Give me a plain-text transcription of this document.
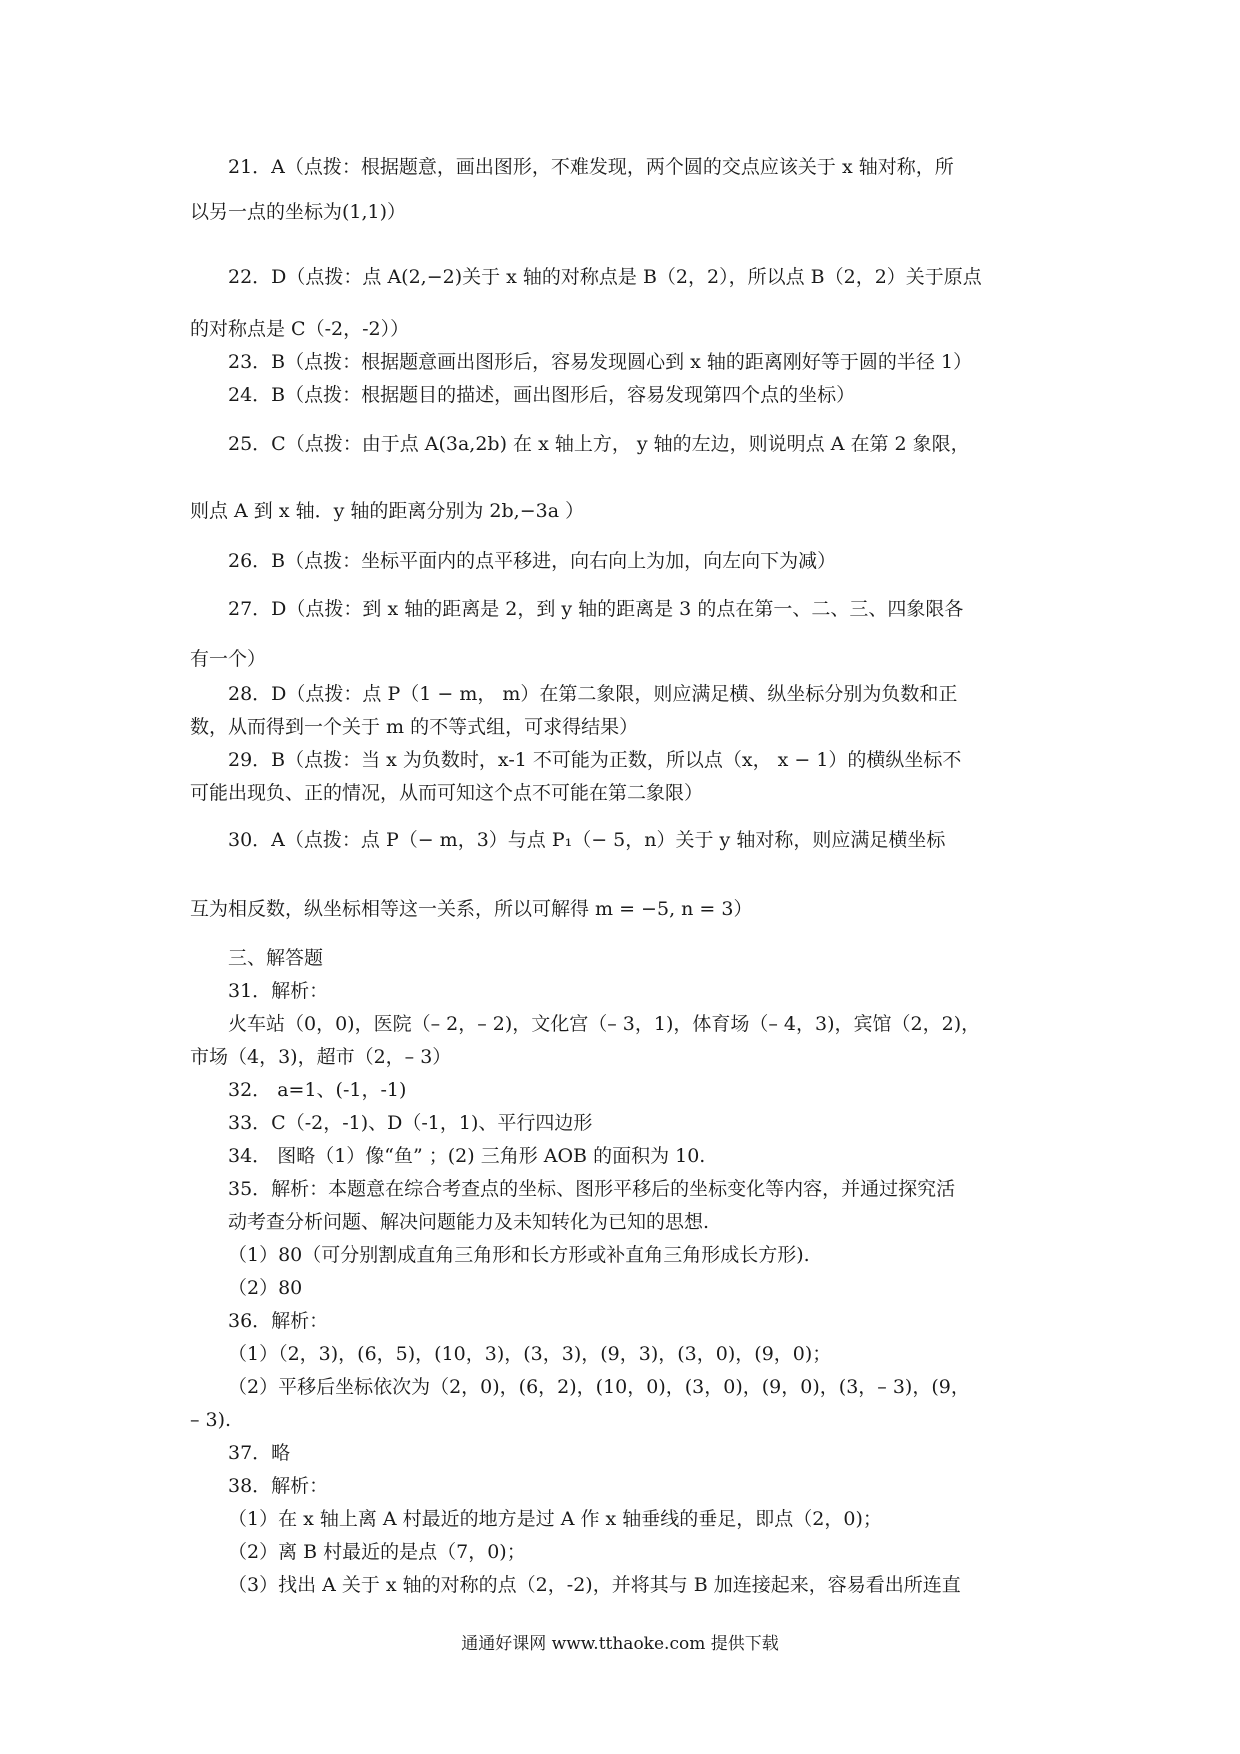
21．A（点拨：根据题意，画出图形，不难发现，两个圆的交点应该关于 x 轴对称，所
以另一点的坐标为(1,1)）
22．D（点拨：点 A(2,−2)关于 x 轴的对称点是 B（2，2），所以点 B（2，2）关于原点
的对称点是 C（-2，-2））
23．B（点拨：根据题意画出图形后，容易发现圆心到 x 轴的距离刚好等于圆的半径 1）
24．B（点拨：根据题目的描述，画出图形后，容易发现第四个点的坐标）
25．C（点拨：由于点 A(3a,2b) 在 x 轴上方， y 轴的左边，则说明点 A 在第 2 象限，
则点 A 到 x 轴．y 轴的距离分别为 2b,−3a ）
26．B（点拨：坐标平面内的点平移进，向右向上为加，向左向下为减）
27．D（点拨：到 x 轴的距离是 2，到 y 轴的距离是 3 的点在第一、二、三、四象限各
有一个）
28．D（点拨：点 P（1 − m， m）在第二象限，则应满足横、纵坐标分别为负数和正
数，从而得到一个关于 m 的不等式组，可求得结果）
29．B（点拨：当 x 为负数时，x-1 不可能为正数，所以点（x， x − 1）的横纵坐标不
可能出现负、正的情况，从而可知这个点不可能在第二象限）
30．A（点拨：点 P（− m，3）与点 P₁（− 5，n）关于 y 轴对称，则应满足横坐标
互为相反数，纵坐标相等这一关系，所以可解得 m = −5, n = 3）
三、解答题
31．解析：
火车站（0，0)，医院（– 2，– 2)，文化宫（– 3，1)，体育场（– 4，3)，宾馆（2，2)，
市场（4，3)，超市（2，– 3）
32． a=1、(-1，-1)
33．C（-2，-1)、D（-1，1)、平行四边形
34． 图略（1）像“鱼” ；(2) 三角形 AOB 的面积为 10.
35．解析：本题意在综合考查点的坐标、图形平移后的坐标变化等内容，并通过探究活
动考查分析问题、解决问题能力及未知转化为已知的思想.
（1）80（可分别割成直角三角形和长方形或补直角三角形成长方形).
（2）80
36．解析：
（1）（2，3)，(6，5)，(10，3)，(3，3)，(9，3)，(3，0)，(9，0)；
（2）平移后坐标依次为（2，0)，(6，2)，(10，0)，(3，0)，(9，0)，(3，– 3)，(9，
– 3).
37．略
38．解析：
（1）在 x 轴上离 A 村最近的地方是过 A 作 x 轴垂线的垂足，即点（2，0)；
（2）离 B 村最近的是点（7，0)；
（3）找出 A 关于 x 轴的对称的点（2，-2)，并将其与 B 加连接起来，容易看出所连直
通通好课网 www.tthaoke.com 提供下载
